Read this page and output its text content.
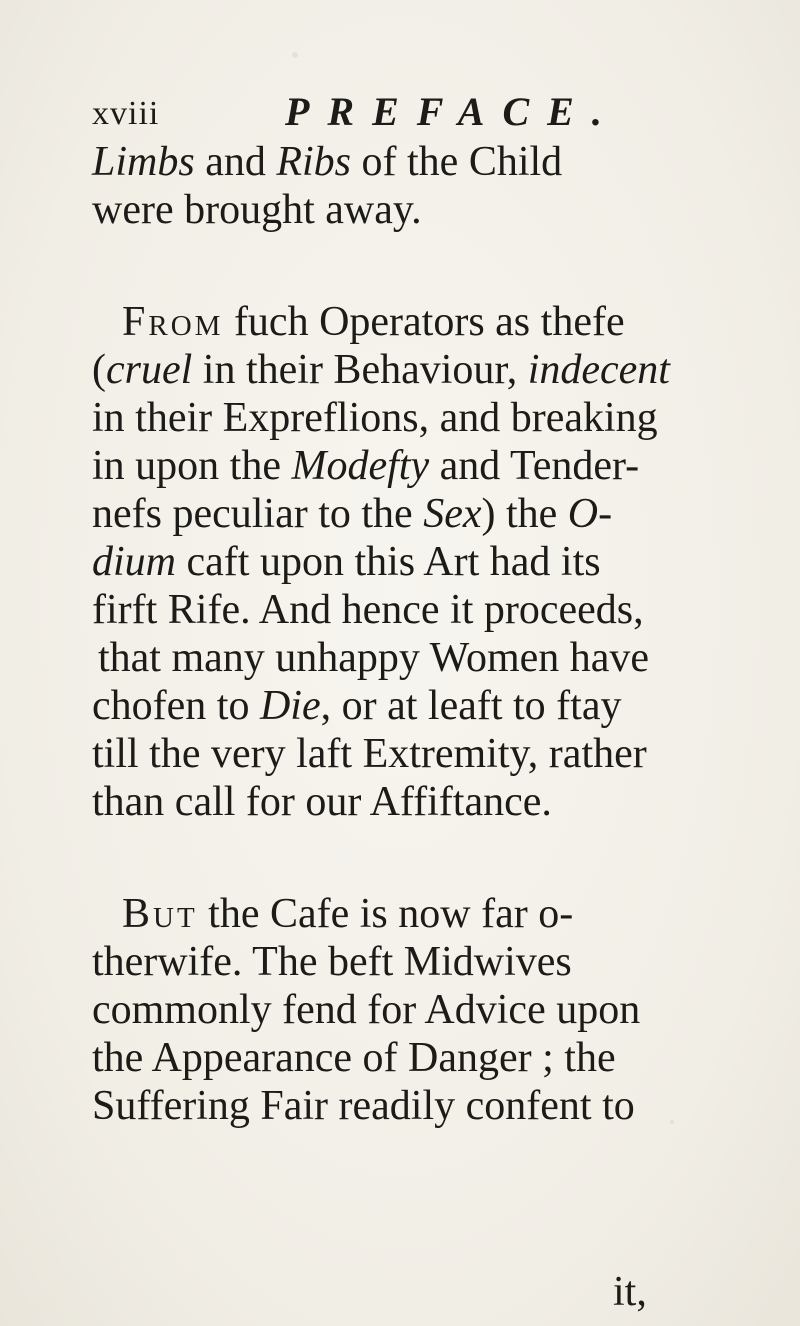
xviii	PREFACE.
Limbs and Ribs of the Child
were brought away.
From fuch Operators as thefe
(cruel in their Behaviour, indecent
in their Expreflions, and breaking
in upon the Modefty and Tender-
nefs peculiar to the Sex) the O-
dium caft upon this Art had its
firft Rife. And hence it proceeds,
that many unhappy Women have
chofen to Die, or at leaft to ftay
till the very laft Extremity, rather
than call for our Affiftance.
But the Cafe is now far o-
therwife. The beft Midwives
commonly fend for Advice upon
the Appearance of Danger ; the
Suffering Fair readily confent to
it,
